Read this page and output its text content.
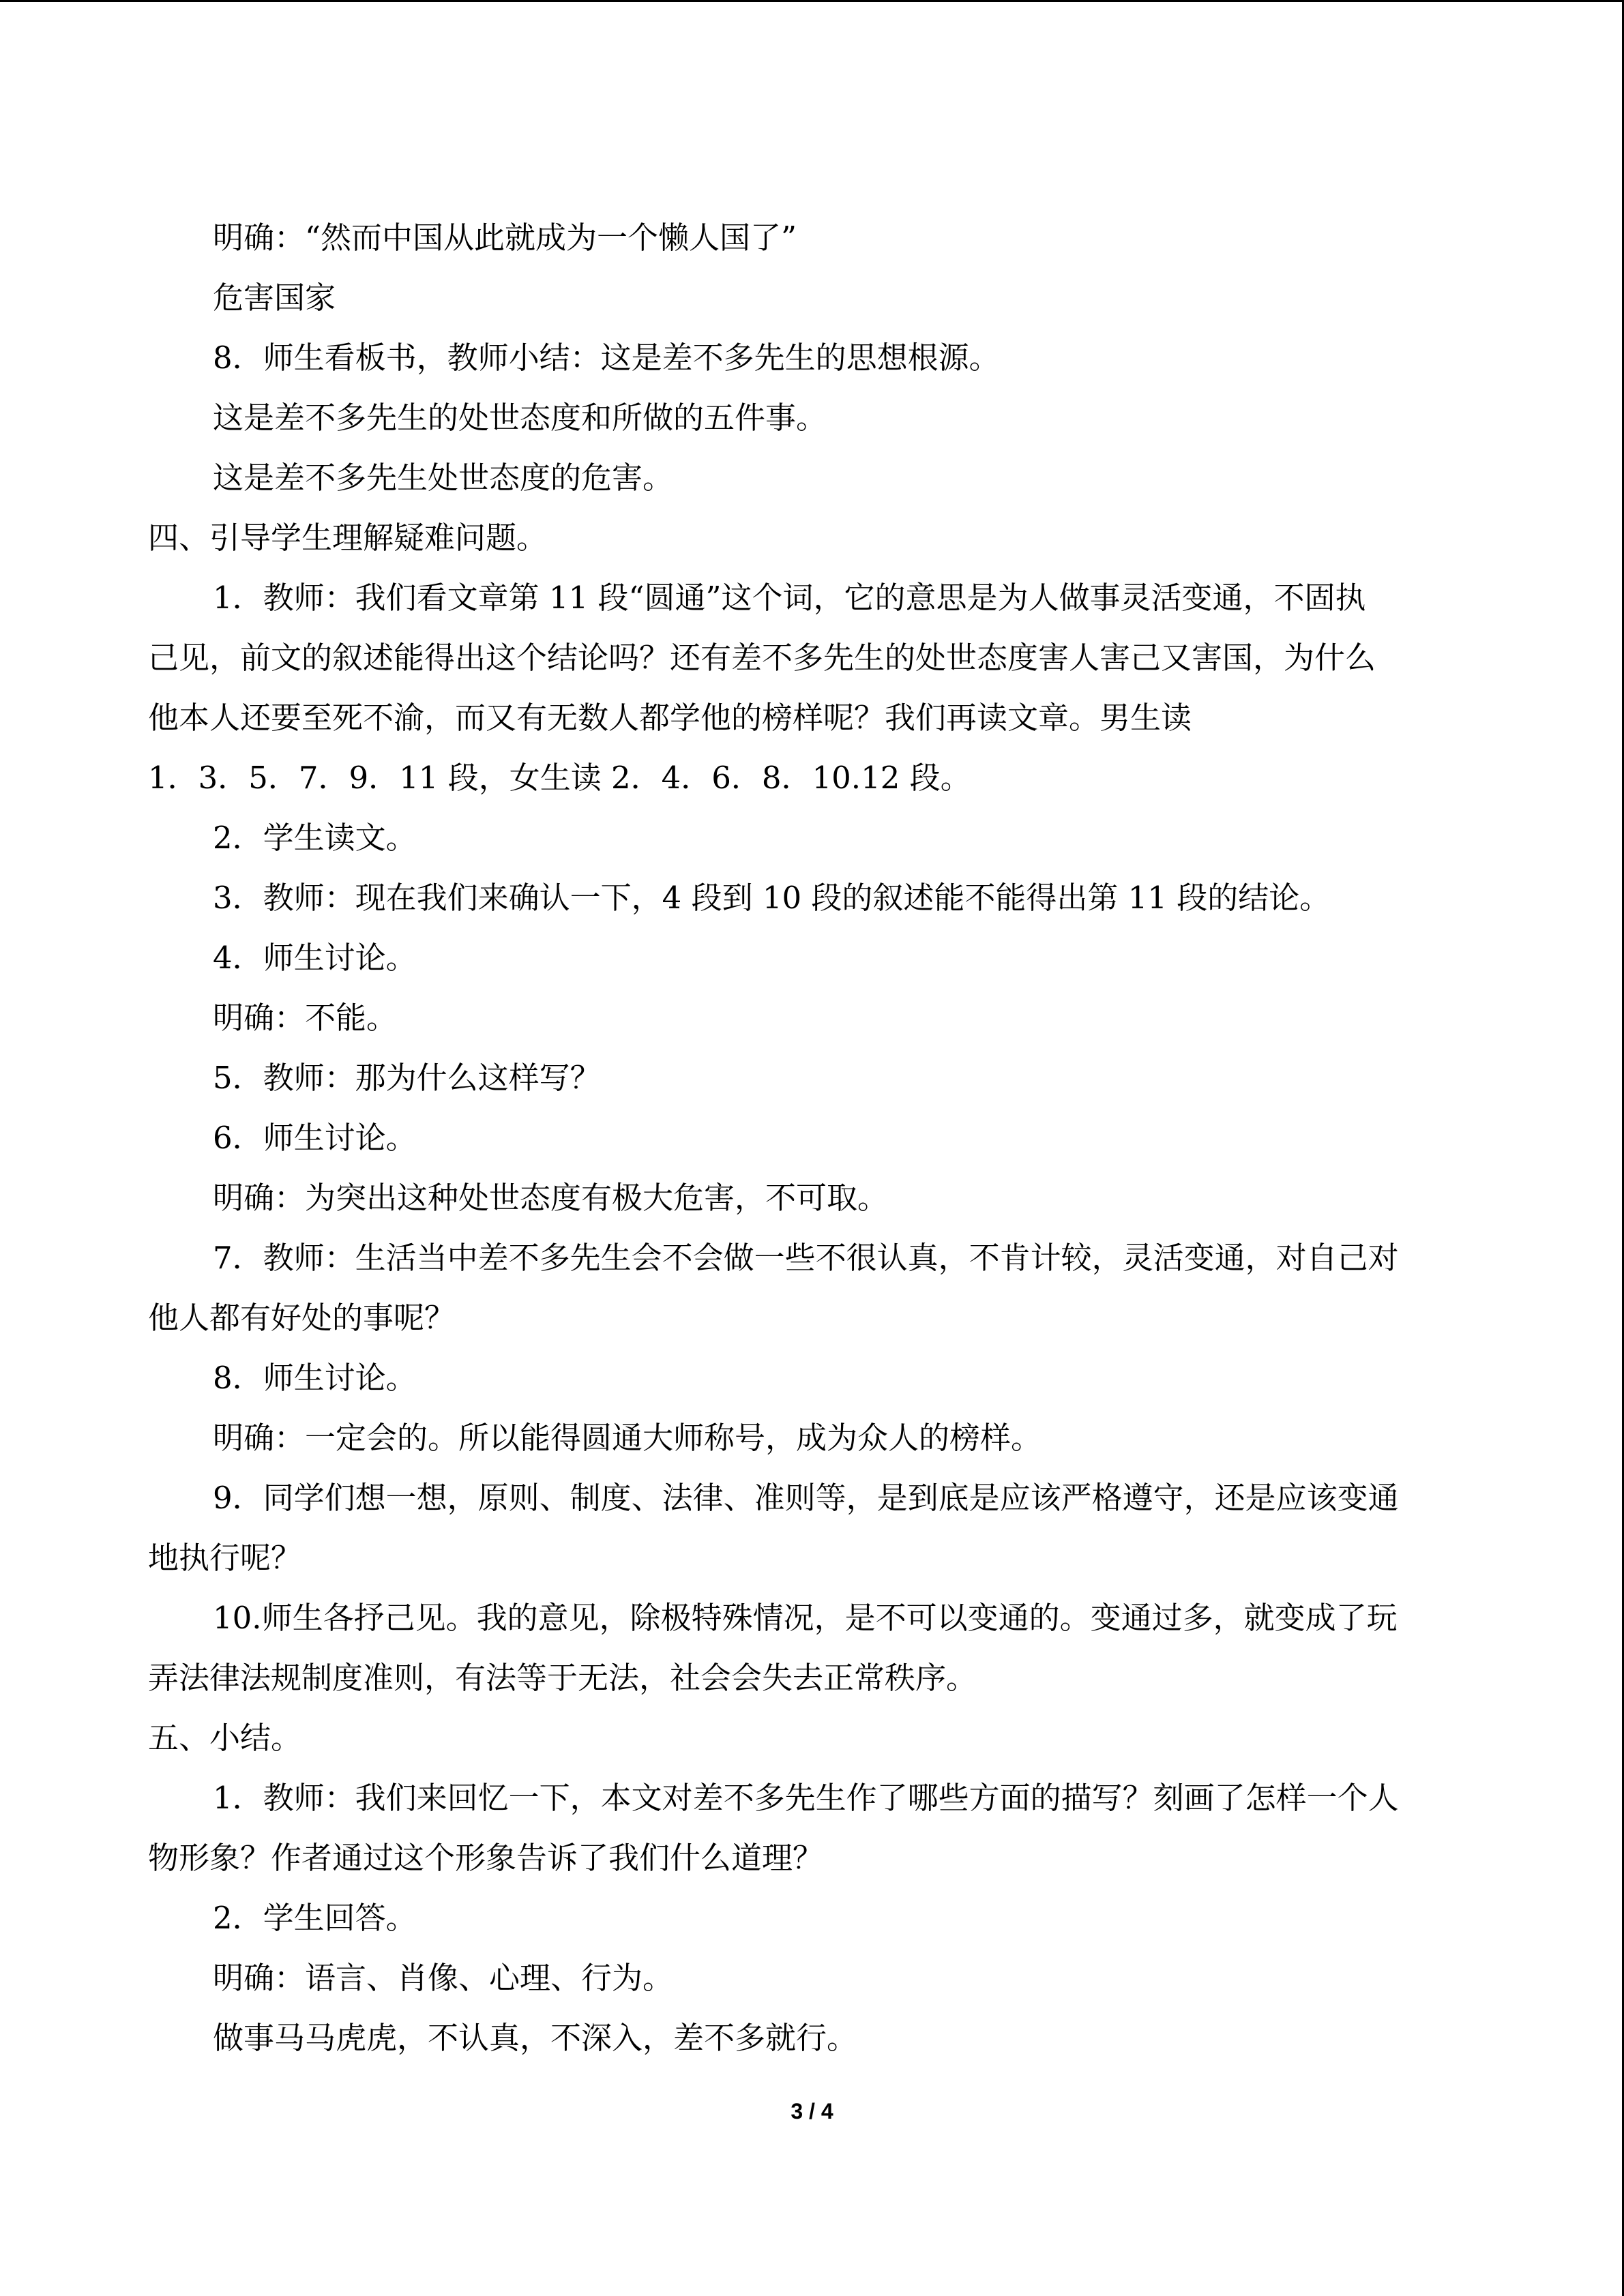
明确：“然而中国从此就成为一个懒人国了”
危害国家
8．师生看板书，教师小结：这是差不多先生的思想根源。
这是差不多先生的处世态度和所做的五件事。
这是差不多先生处世态度的危害。
四、引导学生理解疑难问题。
1．教师：我们看文章第 11 段“圆通”这个词，它的意思是为人做事灵活变通，不固执
己见，前文的叙述能得出这个结论吗？还有差不多先生的处世态度害人害己又害国，为什么
他本人还要至死不渝，而又有无数人都学他的榜样呢？我们再读文章。男生读
1．3．5．7．9．11 段，女生读 2．4．6．8．10.12 段。
2．学生读文。
3．教师：现在我们来确认一下，4 段到 10 段的叙述能不能得出第 11 段的结论。
4．师生讨论。
明确：不能。
5．教师：那为什么这样写？
6．师生讨论。
明确：为突出这种处世态度有极大危害，不可取。
7．教师：生活当中差不多先生会不会做一些不很认真，不肯计较，灵活变通，对自己对
他人都有好处的事呢？
8．师生讨论。
明确：一定会的。所以能得圆通大师称号，成为众人的榜样。
9．同学们想一想，原则、制度、法律、准则等，是到底是应该严格遵守，还是应该变通
地执行呢？
10.师生各抒己见。我的意见，除极特殊情况，是不可以变通的。变通过多，就变成了玩
弄法律法规制度准则，有法等于无法，社会会失去正常秩序。
五、小结。
1．教师：我们来回忆一下，本文对差不多先生作了哪些方面的描写？刻画了怎样一个人
物形象？作者通过这个形象告诉了我们什么道理？
2．学生回答。
明确：语言、肖像、心理、行为。
做事马马虎虎，不认真，不深入，差不多就行。
3 / 4
